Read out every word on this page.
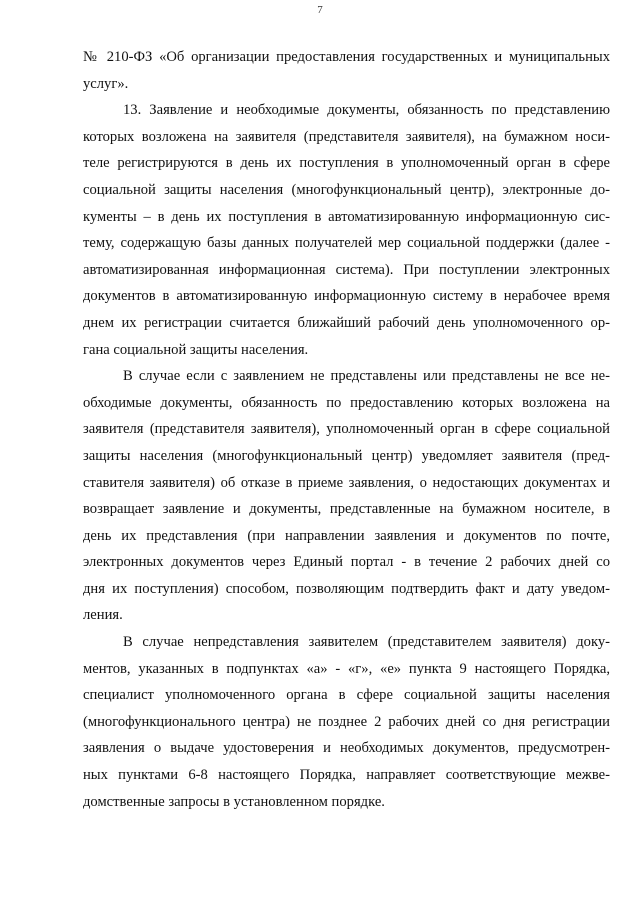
7
№ 210-ФЗ «Об организации предоставления государственных и муниципальных
услуг».
13. Заявление и необходимые документы, обязанность по представлению
которых возложена на заявителя (представителя заявителя), на бумажном носи-
теле регистрируются в день их поступления в уполномоченный орган в сфере
социальной защиты населения (многофункциональный центр), электронные до-
кументы – в день их поступления в автоматизированную информационную сис-
тему, содержащую базы данных получателей мер социальной поддержки (далее -
автоматизированная информационная система). При поступлении электронных
документов в автоматизированную информационную систему в нерабочее время
днем их регистрации считается ближайший рабочий день уполномоченного ор-
гана социальной защиты населения.
В случае если с заявлением не представлены или представлены не все не-
обходимые документы, обязанность по предоставлению которых возложена на
заявителя (представителя заявителя), уполномоченный орган в сфере социальной
защиты населения (многофункциональный центр) уведомляет заявителя (пред-
ставителя заявителя) об отказе в приеме заявления, о недостающих документах и
возвращает заявление и документы, представленные на бумажном носителе, в
день их представления (при направлении заявления и документов по почте,
электронных документов через Единый портал - в течение 2 рабочих дней со
дня их поступления) способом, позволяющим подтвердить факт и дату уведом-
ления.
В случае непредставления заявителем (представителем заявителя) доку-
ментов, указанных в подпунктах «а» - «г», «е» пункта 9 настоящего Порядка,
специалист уполномоченного органа в сфере социальной защиты населения
(многофункционального центра) не позднее 2 рабочих дней со дня регистрации
заявления о выдаче удостоверения и необходимых документов, предусмотрен-
ных пунктами 6-8 настоящего Порядка, направляет соответствующие межве-
домственные запросы в установленном порядке.
